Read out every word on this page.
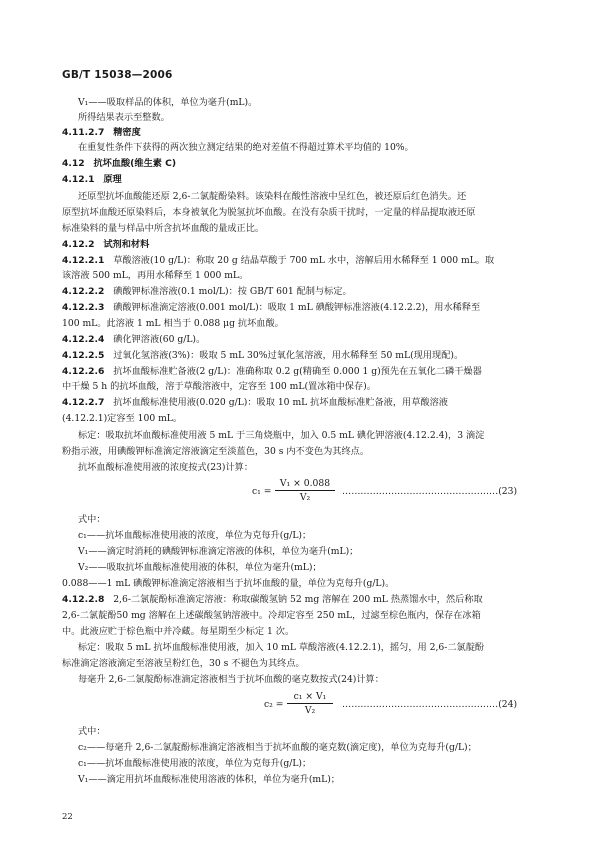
GB/T 15038—2006
V₁——吸取样品的体积，单位为毫升(mL)。
所得结果表示至整数。
4.11.2.7 精密度
在重复性条件下获得的两次独立测定结果的绝对差值不得超过算术平均值的 10%。
4.12 抗坏血酸(维生素 C)
4.12.1 原理
还原型抗坏血酸能还原 2,6-二氯靛酚染料。该染料在酸性溶液中呈红色，被还原后红色消失。还
原型抗坏血酸还原染料后，本身被氧化为脱氢抗坏血酸。在没有杂质干扰时，一定量的样品提取液还原
标准染料的量与样品中所含抗坏血酸的量成正比。
4.12.2 试剂和材料
4.12.2.1 草酸溶液(10 g/L)：称取 20 g 结晶草酸于 700 mL 水中，溶解后用水稀释至 1 000 mL。取
该溶液 500 mL，再用水稀释至 1 000 mL。
4.12.2.2 碘酸钾标准溶液(0.1 mol/L)：按 GB/T 601 配制与标定。
4.12.2.3 碘酸钾标准滴定溶液(0.001 mol/L)：吸取 1 mL 碘酸钾标准溶液(4.12.2.2)，用水稀释至
100 mL。此溶液 1 mL 相当于 0.088 μg 抗坏血酸。
4.12.2.4 碘化钾溶液(60 g/L)。
4.12.2.5 过氧化氢溶液(3%)：吸取 5 mL 30%过氧化氢溶液，用水稀释至 50 mL(现用现配)。
4.12.2.6 抗坏血酸标准贮备液(2 g/L)：准确称取 0.2 g(精确至 0.000 1 g)预先在五氧化二磷干燥器
中干燥 5 h 的抗坏血酸，溶于草酸溶液中，定容至 100 mL(置冰箱中保存)。
4.12.2.7 抗坏血酸标准使用液(0.020 g/L)：吸取 10 mL 抗坏血酸标准贮备液，用草酸溶液
(4.12.2.1)定容至 100 mL。
标定：吸取抗坏血酸标准使用液 5 mL 于三角烧瓶中，加入 0.5 mL 碘化钾溶液(4.12.2.4)，3 滴淀
粉指示液，用碘酸钾标准滴定溶液滴定至淡蓝色，30 s 内不变色为其终点。
抗坏血酸标准使用液的浓度按式(23)计算：
c₁ =
V₁ × 0.088
V₂
……………………………………………(23)
式中：
c₁——抗坏血酸标准使用液的浓度，单位为克每升(g/L)；
V₁——滴定时消耗的碘酸钾标准滴定溶液的体积，单位为毫升(mL)；
V₂——吸取抗坏血酸标准使用液的体积，单位为毫升(mL)；
0.088——1 mL 碘酸钾标准滴定溶液相当于抗坏血酸的量，单位为克每升(g/L)。
4.12.2.8 2,6-二氯靛酚标准滴定溶液：称取碳酸氢钠 52 mg 溶解在 200 mL 热蒸馏水中，然后称取
2,6-二氯靛酚50 mg 溶解在上述碳酸氢钠溶液中。冷却定容至 250 mL，过滤至棕色瓶内，保存在冰箱
中。此液应贮于棕色瓶中并冷藏。每星期至少标定 1 次。
标定：吸取 5 mL 抗坏血酸标准使用液，加入 10 mL 草酸溶液(4.12.2.1)，摇匀，用 2,6-二氯靛酚
标准滴定溶液滴定至溶液呈粉红色，30 s 不褪色为其终点。
每毫升 2,6-二氯靛酚标准滴定溶液相当于抗坏血酸的毫克数按式(24)计算：
c₂ =
c₁ × V₁
V₂
……………………………………………(24)
式中：
c₂——每毫升 2,6-二氯靛酚标准滴定溶液相当于抗坏血酸的毫克数(滴定度)，单位为克每升(g/L)；
c₁——抗坏血酸标准使用液的浓度，单位为克每升(g/L)；
V₁——滴定用抗坏血酸标准使用溶液的体积，单位为毫升(mL)；
22
